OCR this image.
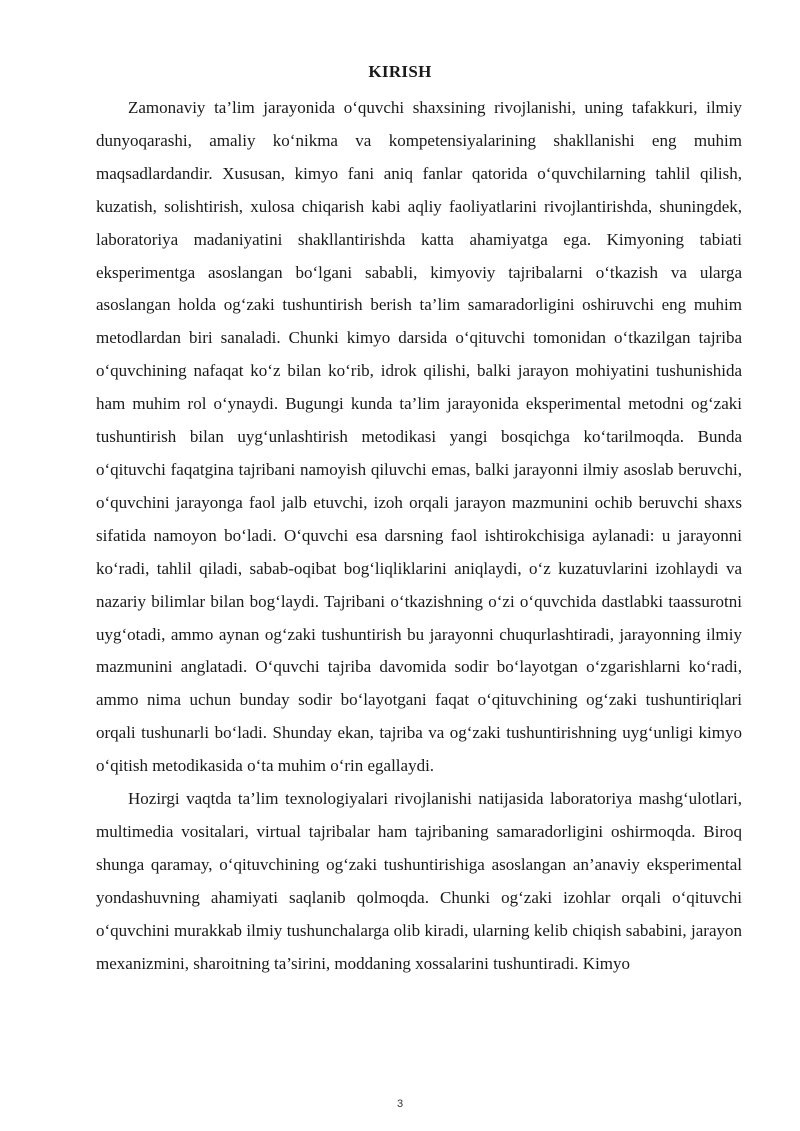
KIRISH

Zamonaviy ta’lim jarayonida o‘quvchi shaxsining rivojlanishi, uning tafakkuri, ilmiy dunyoqarashi, amaliy ko‘nikma va kompetensiyalarining shakllanishi eng muhim maqsadlardandir. Xususan, kimyo fani aniq fanlar qatorida o‘quvchilarning tahlil qilish, kuzatish, solishtirish, xulosa chiqarish kabi aqliy faoliyatlarini rivojlantirishda, shuningdek, laboratoriya madaniyatini shakllantirishda katta ahamiyatga ega. Kimyoning tabiati eksperimentga asoslangan bo‘lgani sababli, kimyoviy tajribalarni o‘tkazish va ularga asoslangan holda og‘zaki tushuntirish berish ta’lim samaradorligini oshiruvchi eng muhim metodlardan biri sanaladi. Chunki kimyo darsida o‘qituvchi tomonidan o‘tkazilgan tajriba o‘quvchining nafaqat ko‘z bilan ko‘rib, idrok qilishi, balki jarayon mohiyatini tushunishida ham muhim rol o‘ynaydi. Bugungi kunda ta’lim jarayonida eksperimental metodni og‘zaki tushuntirish bilan uyg‘unlashtirish metodikasi yangi bosqichga ko‘tarilmoqda. Bunda o‘qituvchi faqatgina tajribani namoyish qiluvchi emas, balki jarayonni ilmiy asoslab beruvchi, o‘quvchini jarayonga faol jalb etuvchi, izoh orqali jarayon mazmunini ochib beruvchi shaxs sifatida namoyon bo‘ladi. O‘quvchi esa darsning faol ishtirokchisiga aylanadi: u jarayonni ko‘radi, tahlil qiladi, sabab-oqibat bog‘liqliklarini aniqlaydi, o‘z kuzatuvlarini izohlaydi va nazariy bilimlar bilan bog‘laydi. Tajribani o‘tkazishning o‘zi o‘quvchida dastlabki taassurotni uyg‘otadi, ammo aynan og‘zaki tushuntirish bu jarayonni chuqurlashtiradi, jarayonning ilmiy mazmunini anglatadi. O‘quvchi tajriba davomida sodir bo‘layotgan o‘zgarishlarni ko‘radi, ammo nima uchun bunday sodir bo‘layotgani faqat o‘qituvchining og‘zaki tushuntiriqlari orqali tushunarli bo‘ladi. Shunday ekan, tajriba va og‘zaki tushuntirishning uyg‘unligi kimyo o‘qitish metodikasida o‘ta muhim o‘rin egallaydi.

Hozirgi vaqtda ta’lim texnologiyalari rivojlanishi natijasida laboratoriya mashg‘ulotlari, multimedia vositalari, virtual tajribalar ham tajribaning samaradorligini oshirmoqda. Biroq shunga qaramay, o‘qituvchining og‘zaki tushuntirishiga asoslangan an’anaviy eksperimental yondashuvning ahamiyati saqlanib qolmoqda. Chunki og‘zaki izohlar orqali o‘qituvchi o‘quvchini murakkab ilmiy tushunchalarga olib kiradi, ularning kelib chiqish sababini, jarayon mexanizmini, sharoitning ta’sirini, moddaning xossalarini tushuntiradi. Kimyo

3
